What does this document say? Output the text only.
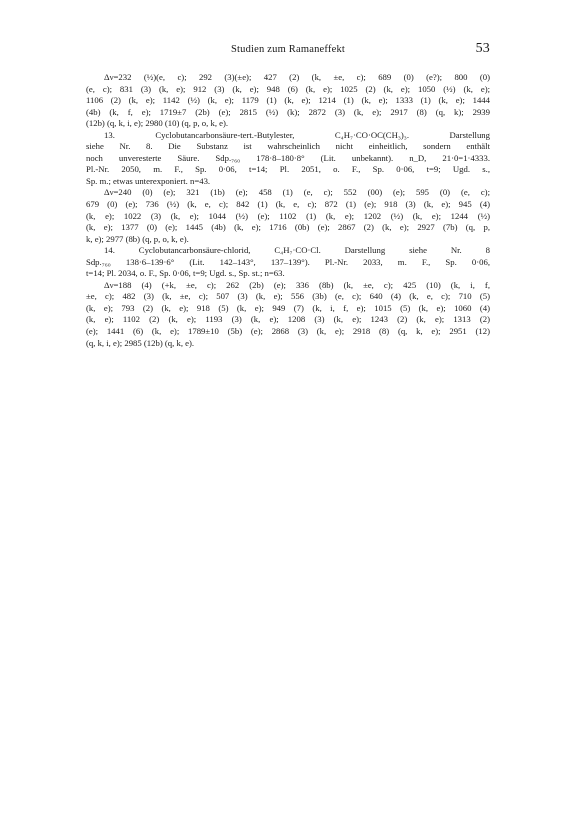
Studien zum Ramaneffekt	53
Δν=232 (½)(e, c); 292 (3)(±e); 427 (2) (k, ±e, c); 689 (0) (e?); 800 (0)
(e, c); 831 (3) (k, e); 912 (3) (k, e); 948 (6) (k, e); 1025 (2) (k, e); 1050 (½) (k, e);
1106 (2) (k, e); 1142 (½) (k, e); 1179 (1) (k, e); 1214 (1) (k, e); 1333 (1) (k, e); 1444
(4b) (k, f, e); 1719±7 (2b) (e); 2815 (½) (k); 2872 (3) (k, e); 2917 (8) (q, k); 2939
(12b) (q, k, i, e); 2980 (10) (q, p, o, k, e).
13. Cyclobutancarbonsäure-tert.-Butylester, C₄H₇·CO·OC(CH₃)₃. Darstellung
siehe Nr. 8. Die Substanz ist wahrscheinlich nicht einheitlich, sondern enthält
noch unveresterte Säure. Sdp.₇₆₀ 178·8–180·8° (Lit. unbekannt). n_D, 21·0=1·4333.
Pl.-Nr. 2050, m. F., Sp. 0·06, t=14; Pl. 2051, o. F., Sp. 0·06, t=9; Ugd. s.,
Sp. m.; etwas unterexponiert. n=43.
Δν=240 (0) (e); 321 (1b) (e); 458 (1) (e, c); 552 (00) (e); 595 (0) (e, c);
679 (0) (e); 736 (½) (k, e, c); 842 (1) (k, e, c); 872 (1) (e); 918 (3) (k, e); 945 (4)
(k, e); 1022 (3) (k, e); 1044 (½) (e); 1102 (1) (k, e); 1202 (½) (k, e); 1244 (½)
(k, e); 1377 (0) (e); 1445 (4b) (k, e); 1716 (0b) (e); 2867 (2) (k, e); 2927 (7b) (q, p,
k, e); 2977 (8b) (q, p, o, k, e).
14. Cyclobutancarbonsäure-chlorid, C₄H₇·CO·Cl. Darstellung siehe Nr. 8
Sdp.₇₆₀ 138·6–139·6° (Lit. 142–143°, 137–139°). Pl.-Nr. 2033, m. F., Sp. 0·06,
t=14; Pl. 2034, o. F., Sp. 0·06, t=9; Ugd. s., Sp. st.; n=63.
Δν=188 (4) (+k, ±e, c); 262 (2b) (e); 336 (8b) (k, ±e, c); 425 (10) (k, i, f,
±e, c); 482 (3) (k, ±e, c); 507 (3) (k, e); 556 (3b) (e, c); 640 (4) (k, e, c); 710 (5)
(k, e); 793 (2) (k, e); 918 (5) (k, e); 949 (7) (k, i, f, e); 1015 (5) (k, e); 1060 (4)
(k, e); 1102 (2) (k, e); 1193 (3) (k, e); 1208 (3) (k, e); 1243 (2) (k, e); 1313 (2)
(e); 1441 (6) (k, e); 1789±10 (5b) (e); 2868 (3) (k, e); 2918 (8) (q, k, e); 2951 (12)
(q, k, i, e); 2985 (12b) (q, k, e).
